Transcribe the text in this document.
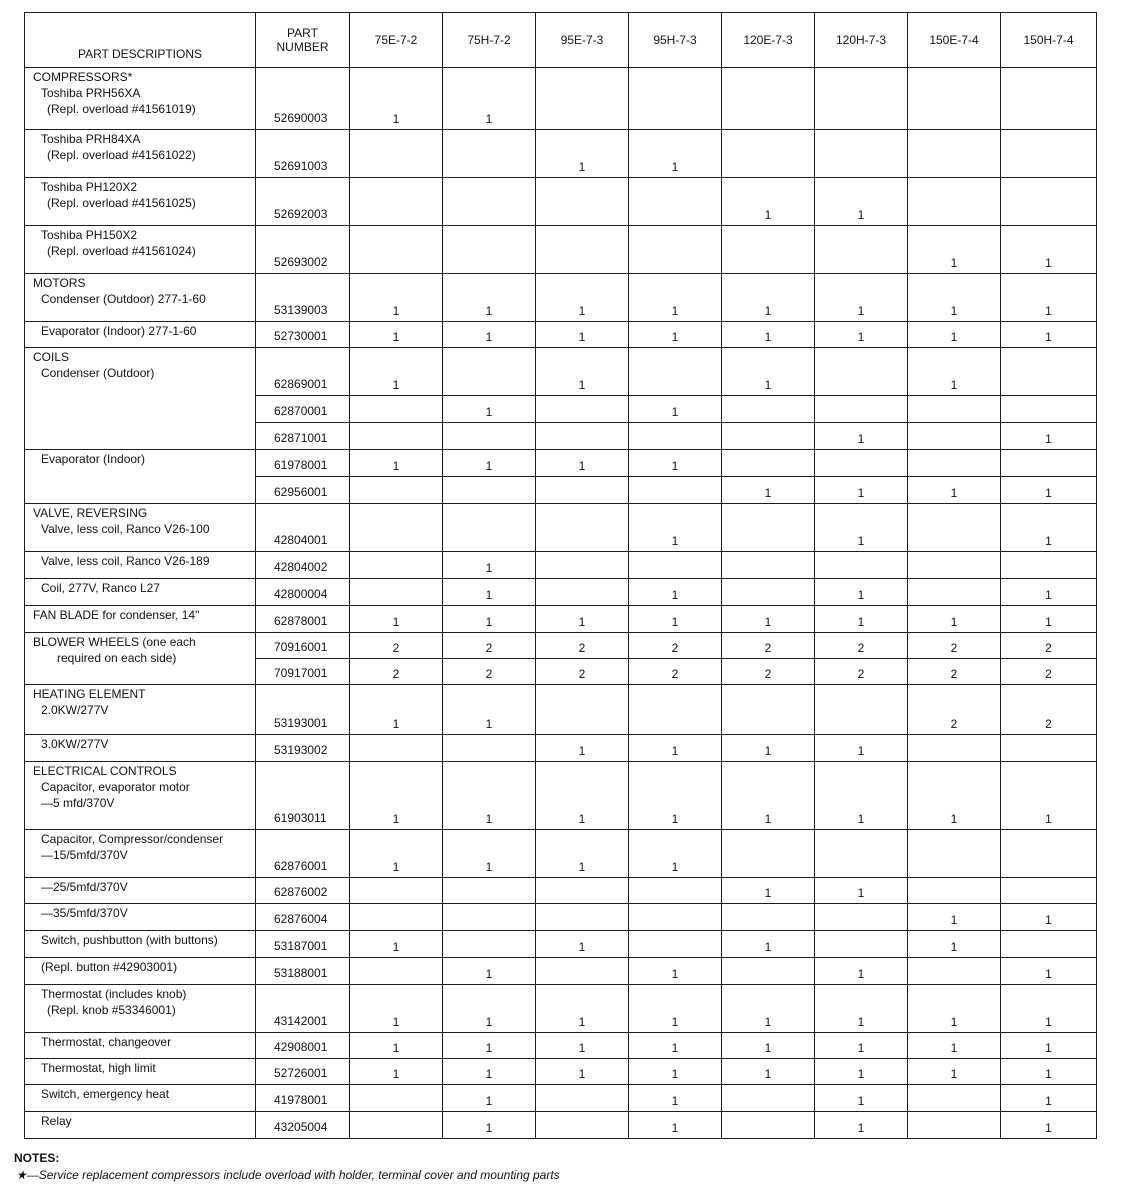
PART DESCRIPTIONS	PART
NUMBER	75E-7-2	75H-7-2	95E-7-3	95H-7-3	120E-7-3	120H-7-3	150E-7-4	150H-7-4

COMPRESSORS*
Toshiba PRH56XA
(Repl. overload #41561019)	52690003	1	1						

Toshiba PRH84XA
(Repl. overload #41561022)	52691003			1	1				

Toshiba PH120X2
(Repl. overload #41561025)	52692003					1	1		

Toshiba PH150X2
(Repl. overload #41561024)	52693002							1	1

MOTORS
Condenser (Outdoor) 277-1-60	53139003	1	1	1	1	1	1	1	1

Evaporator (Indoor) 277-1-60	52730001	1	1	1	1	1	1	1	1

COILS
Condenser (Outdoor)	62869001	1		1		1		1	
	62870001		1		1				
	62871001						1		1

Evaporator (Indoor)	61978001	1	1	1	1				
	62956001					1	1	1	1

VALVE, REVERSING
Valve, less coil, Ranco V26-100	42804001				1		1		1

Valve, less coil, Ranco V26-189	42804002		1						

Coil, 277V, Ranco L27	42800004		1		1		1		1

FAN BLADE for condenser, 14"	62878001	1	1	1	1	1	1	1	1

BLOWER WHEELS (one each
required on each side)	70916001	2	2	2	2	2	2	2	2
	70917001	2	2	2	2	2	2	2	2

HEATING ELEMENT
2.0KW/277V	53193001	1	1					2	2

3.0KW/277V	53193002			1	1	1	1		

ELECTRICAL CONTROLS
Capacitor, evaporator motor
—5 mfd/370V	61903011	1	1	1	1	1	1	1	1

Capacitor, Compressor/condenser
—15/5mfd/370V	62876001	1	1	1	1				

—25/5mfd/370V	62876002					1	1		

—35/5mfd/370V	62876004							1	1

Switch, pushbutton (with buttons)	53187001	1		1		1		1	

(Repl. button #42903001)	53188001		1		1		1		1

Thermostat (includes knob)
(Repl. knob #53346001)	43142001	1	1	1	1	1	1	1	1

Thermostat, changeover	42908001	1	1	1	1	1	1	1	1

Thermostat, high limit	52726001	1	1	1	1	1	1	1	1

Switch, emergency heat	41978001		1		1		1		1

Relay	43205004		1		1		1		1
NOTES:
★—Service replacement compressors include overload with holder, terminal cover and mounting parts
